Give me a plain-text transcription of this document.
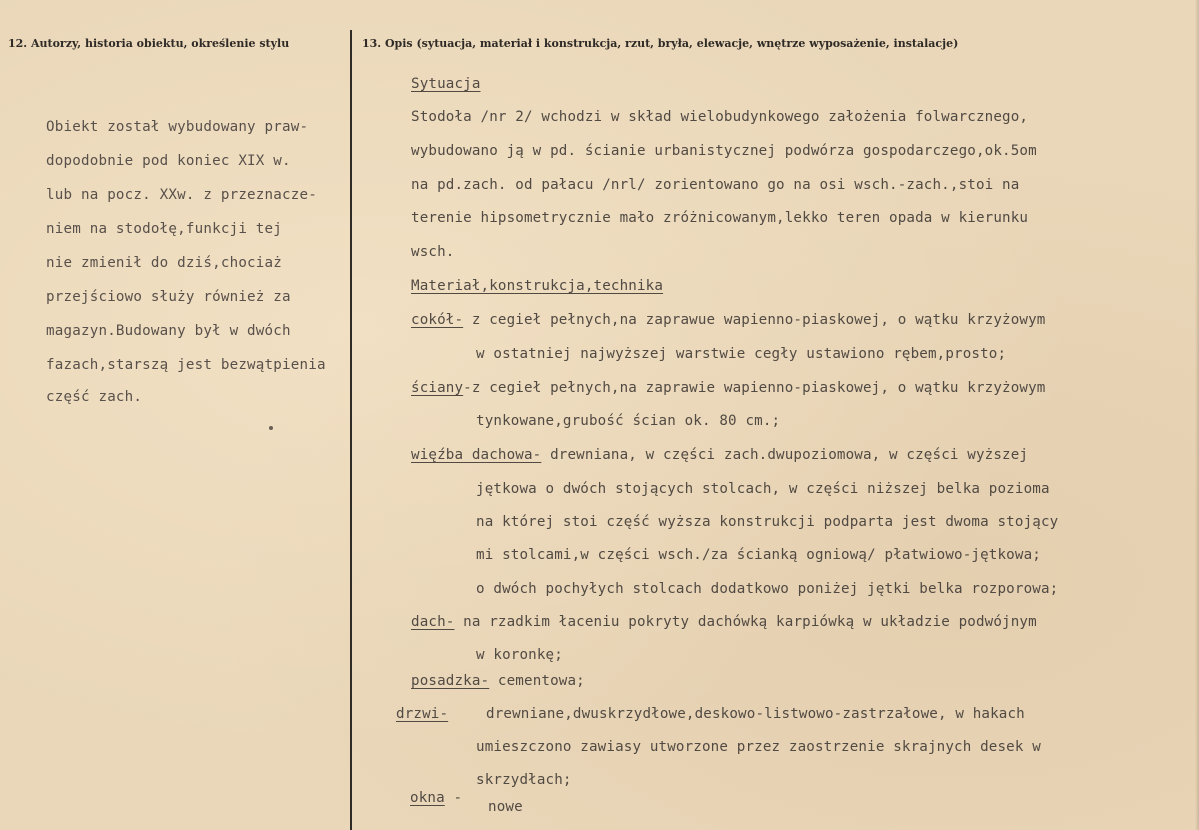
12. Autorzy, historia obiektu, określenie stylu	13. Opis (sytuacja, materiał i konstrukcja, rzut, bryła, elewacje, wnętrze wyposażenie, instalacje)
Obiekt został wybudowany praw-
dopodobnie pod koniec XIX w.
lub na pocz. XXw. z przeznacze-
niem na stodołę,funkcji tej
nie zmienił do dziś,chociaż
przejściowo służy również za
magazyn.Budowany był w dwóch
fazach,starszą jest bezwątpienia
część zach.
Sytuacja
Stodoła /nr 2/ wchodzi w skład wielobudynkowego założenia folwarcznego,
wybudowano ją w pd. ścianie urbanistycznej podwórza gospodarczego,ok.5om
na pd.zach. od pałacu /nrl/ zorientowano go na osi wsch.-zach.,stoi na
terenie hipsometrycznie mało zróżnicowanym,lekko teren opada w kierunku
wsch.
Materiał,konstrukcja,technika
cokół- z cegieł pełnych,na zaprawue wapienno-piaskowej, o wątku krzyżowym
w ostatniej najwyższej warstwie cegły ustawiono rębem,prosto;
ściany-z cegieł pełnych,na zaprawie wapienno-piaskowej, o wątku krzyżowym
tynkowane,grubość ścian ok. 80 cm.;
więźba dachowa- drewniana, w części zach.dwupoziomowa, w części wyższej
jętkowa o dwóch stojących stolcach, w części niższej belka pozioma
na której stoi część wyższa konstrukcji podparta jest dwoma stojący
mi stolcami,w części wsch./za ścianką ogniową/ płatwiowo-jętkowa;
o dwóch pochyłych stolcach dodatkowo poniżej jętki belka rozporowa;
dach- na rzadkim łaceniu pokryty dachówką karpiówką w układzie podwójnym
w koronkę;
posadzka- cementowa;
drzwi-	drewniane,dwuskrzydłowe,deskowo-listwowo-zastrzałowe, w hakach
umieszczono zawiasy utworzone przez zaostrzenie skrajnych desek w
skrzydłach;
okna -
nowe
